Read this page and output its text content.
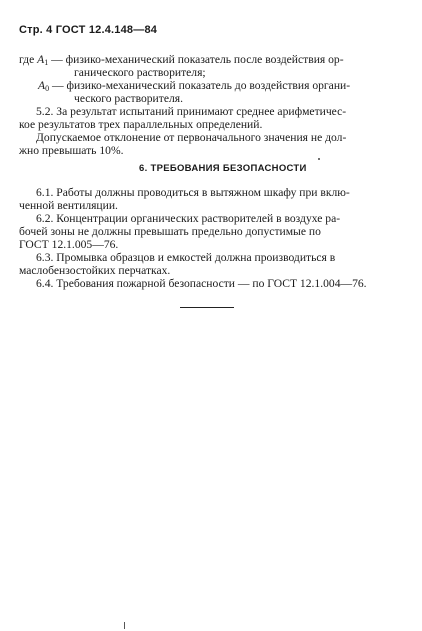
Стр. 4 ГОСТ 12.4.148—84
где $A_1$ — физико-механический показатель после воздействия ор-
ганического растворителя;
$A_0$ — физико-механический показатель до воздействия органи-
ческого растворителя.
5.2. За результат испытаний принимают среднее арифметичес-
кое результатов трех параллельных определений.
Допускаемое отклонение от первоначального значения не дол-
жно превышать 10%.
6. ТРЕБОВАНИЯ БЕЗОПАСНОСТИ
6.1. Работы должны проводиться в вытяжном шкафу при вклю-
ченной вентиляции.
6.2. Концентрации органических растворителей в воздухе ра-
бочей зоны не должны превышать предельно допустимые по
ГОСТ 12.1.005—76.
6.3. Промывка образцов и емкостей должна производиться в
маслобензостойких перчатках.
6.4. Требования пожарной безопасности — по ГОСТ 12.1.004—76.
